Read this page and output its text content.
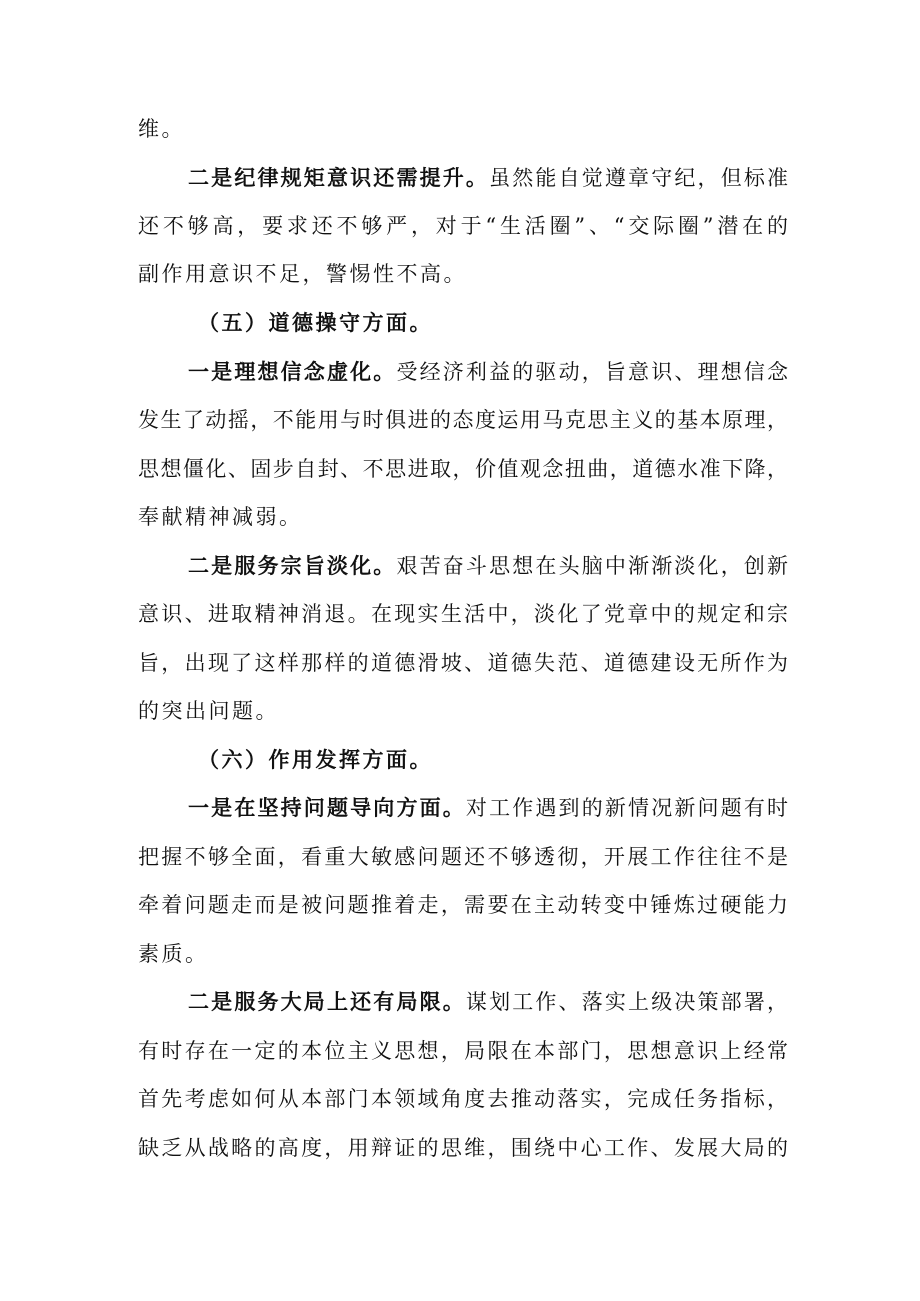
维。
二是纪律规矩意识还需提升。虽然能自觉遵章守纪，但标准
还不够高，要求还不够严，对于“生活圈”、“交际圈”潜在的
副作用意识不足，警惕性不高。
（五）道德操守方面。
一是理想信念虚化。受经济利益的驱动，旨意识、理想信念
发生了动摇，不能用与时俱进的态度运用马克思主义的基本原理，
思想僵化、固步自封、不思进取，价值观念扭曲，道德水准下降，
奉献精神减弱。
二是服务宗旨淡化。艰苦奋斗思想在头脑中渐渐淡化，创新
意识、进取精神消退。在现实生活中，淡化了党章中的规定和宗
旨，出现了这样那样的道德滑坡、道德失范、道德建设无所作为
的突出问题。
（六）作用发挥方面。
一是在坚持问题导向方面。对工作遇到的新情况新问题有时
把握不够全面，看重大敏感问题还不够透彻，开展工作往往不是
牵着问题走而是被问题推着走，需要在主动转变中锤炼过硬能力
素质。
二是服务大局上还有局限。谋划工作、落实上级决策部署，
有时存在一定的本位主义思想，局限在本部门，思想意识上经常
首先考虑如何从本部门本领域角度去推动落实，完成任务指标，
缺乏从战略的高度，用辩证的思维，围绕中心工作、发展大局的
